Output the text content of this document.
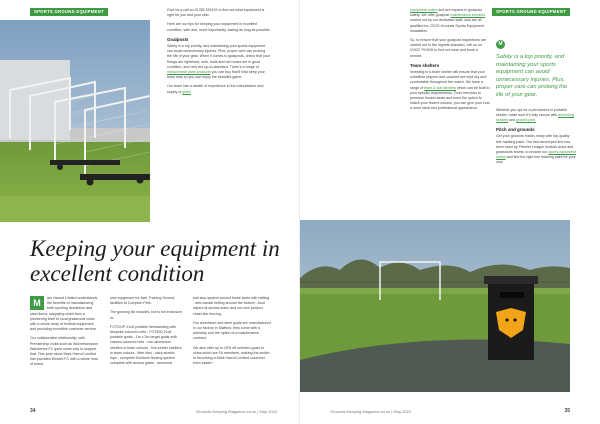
SPORTS GROUND EQUIPMENT	Give us a call on 01785 339191 to find out what equipment is right for you and your club.

Here are our tips for keeping your equipment in excellent condition, safe and, more importantly, lasting as long as possible.

Goalposts

Safety is a top priority, and maintaining your sports equipment can avoid unnecessary injuries. Plus, proper care can prolong the life of your gear. When it comes to goalposts, check that your fixings are tightened, nuts, bolts and net hooks are in good condition, and nets are up-to-standard. There's a range of replacement parts products you can buy that'll help keep your team safe so you can enjoy the beautiful game.

Our team has a wealth of experience in the manufacture and supply of goals

Keeping your equipment in excellent condition

M	ark Harrod Limited understands the benefits of manufacturing both sporting aluminium and steel items, supplying clubs from a pioneering level to local grassroots clubs with a whole array of football equipment, and providing incredible customer service.

Our collaborative relationship, with Premiership clubs such as Wolverhampton Wanderers FC goes some way to support that. This year alone Mark Harrod Limited has provided Wolves FC with a whole host of brand

new equipment for their Training Ground facilities at Compton Park.

The growing list includes, but is not exclusive to;

FOTGOP 21x8 portable freestanding with bespoke coloured nets - FOT800 21x8 portable goals - 1m x 2m target goals with custom coloured nets - non-aluminium shelters in team colours - five-seater shelters in team colours - litter bins - sack stretch-tops - complete Dorstock fencing system complete with access gates - anchored

ball stop system around these sides with netting - anti-vandal netting around the bottom - boot wipers at access sides and our new product chain-link fencing.

Our aluminium and steel goals are manufactured in our factory in Stafford, they come with a warranty and the option of a maintenance contract.

We also offer up to 20% off selected goals to clubs which are FA members, making the switch to becoming a Mark Harrod Limited customer even easier!

34	Grounds Keeping Magazine.co.uk | May 2022
SPORTS GROUND EQUIPMENT

equipment online and are experts in goalpost safety. We offer goalpost maintenance services carried out by our dedicated staff, who are all qualified for CSCS Grounds Sports Equipment Installation.

So, to ensure that your goalpost inspections are carried out to the highest standard, call us on 01922 791939 to find out more and book a service.

Team shelters

Investing in a team shelter will ensure that your substitute players and coaches are kept dry and comfortable throughout the match. We have a range of team & sub shelters which can be built to your specific requirements. From benches to premium bucket seats and even the option to match your team's colours, you can give your club a more ideal and professional appearance.

M
Safety is a top priority, and maintaining your sports equipment can avoid unnecessary injuries. Plus, proper care can prolong the life of your gear.

Whether you opt for a permanent or portable shelter, make sure it's fully secure with anchoring sockets and ground pins.

Pitch and grounds

Get your grounds match-ready with top-quality line marking paint. Our fast-developed line has been used by Premier League football clubs and grassroots teams, to browse our sports equipment online and find the right line marking paint for your club.

Grounds Keeping Magazine.co.uk | May 2022	35
